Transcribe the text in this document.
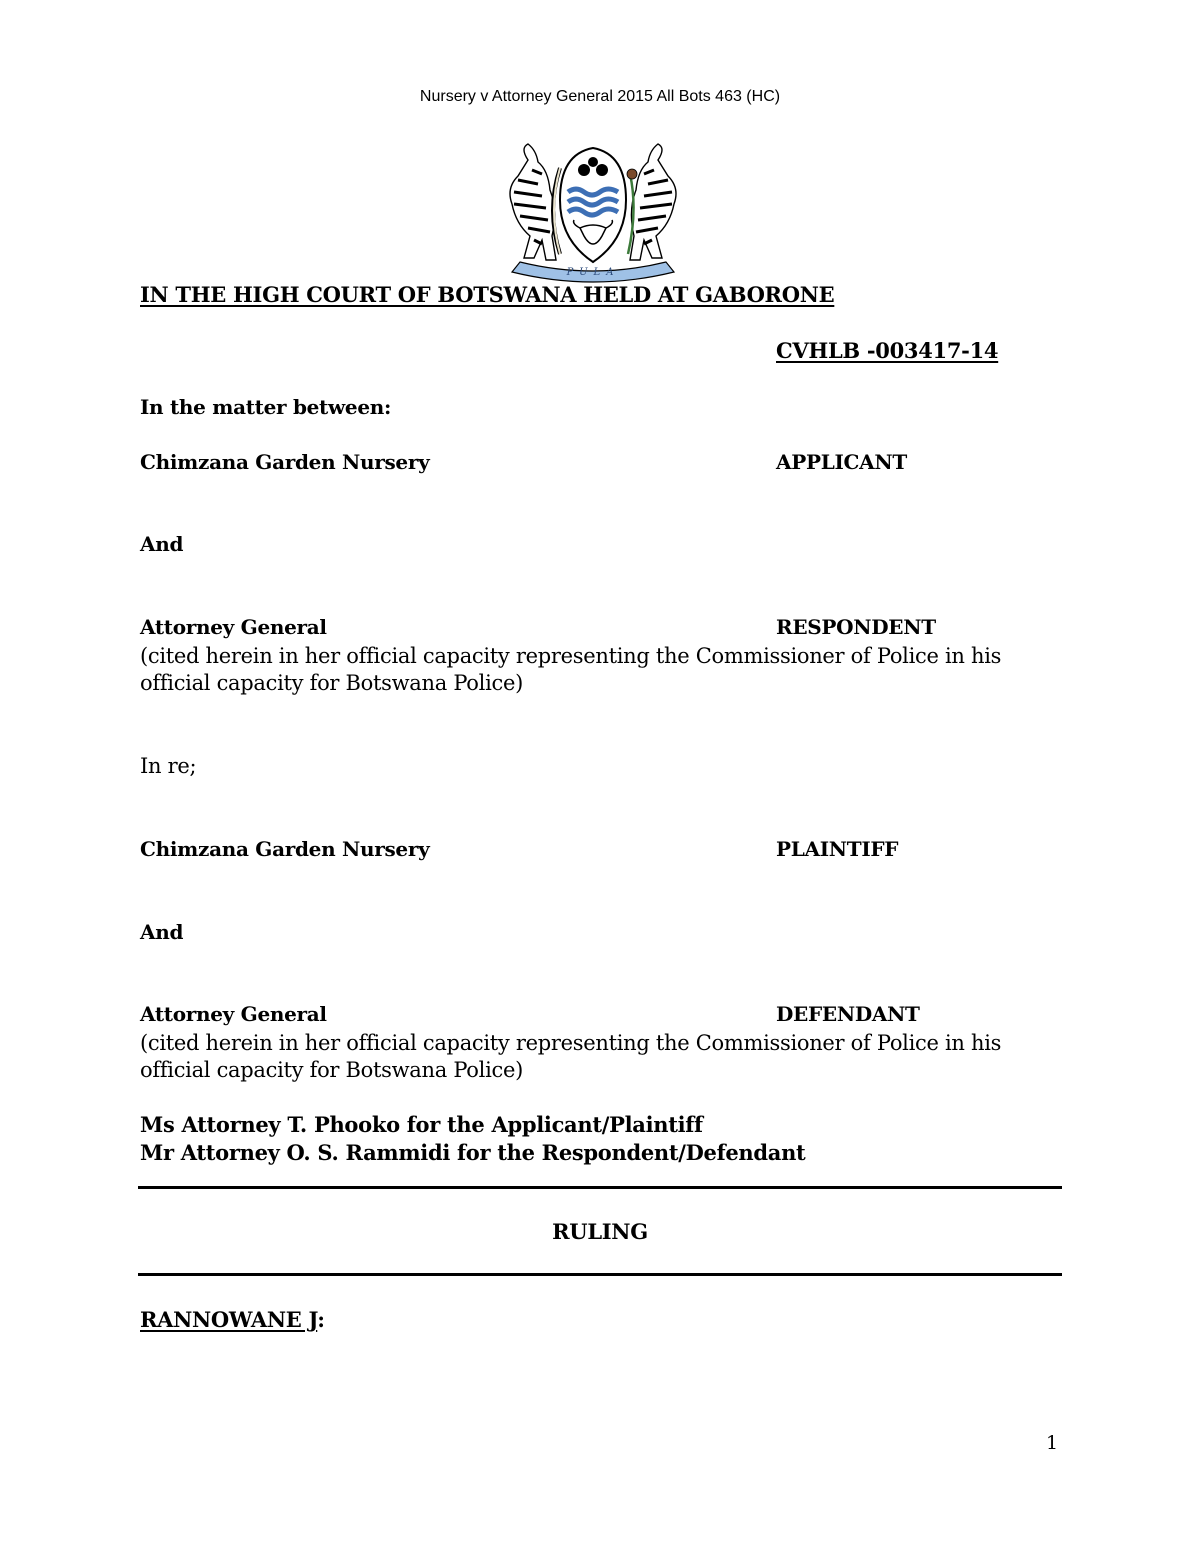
Nursery v Attorney General 2015 All Bots 463 (HC)
PULA
IN THE HIGH COURT OF BOTSWANA HELD AT GABORONE
CVHLB -003417-14
In the matter between:
Chimzana Garden Nursery	APPLICANT
And
Attorney General	RESPONDENT
(cited herein in her official capacity representing the Commissioner of Police in his official capacity for Botswana Police)
In re;
Chimzana Garden Nursery	PLAINTIFF
And
Attorney General	DEFENDANT
(cited herein in her official capacity representing the Commissioner of Police in his official capacity for Botswana Police)
Ms Attorney T. Phooko for the Applicant/Plaintiff
Mr Attorney O. S. Rammidi for the Respondent/Defendant
RULING
RANNOWANE J:
1
